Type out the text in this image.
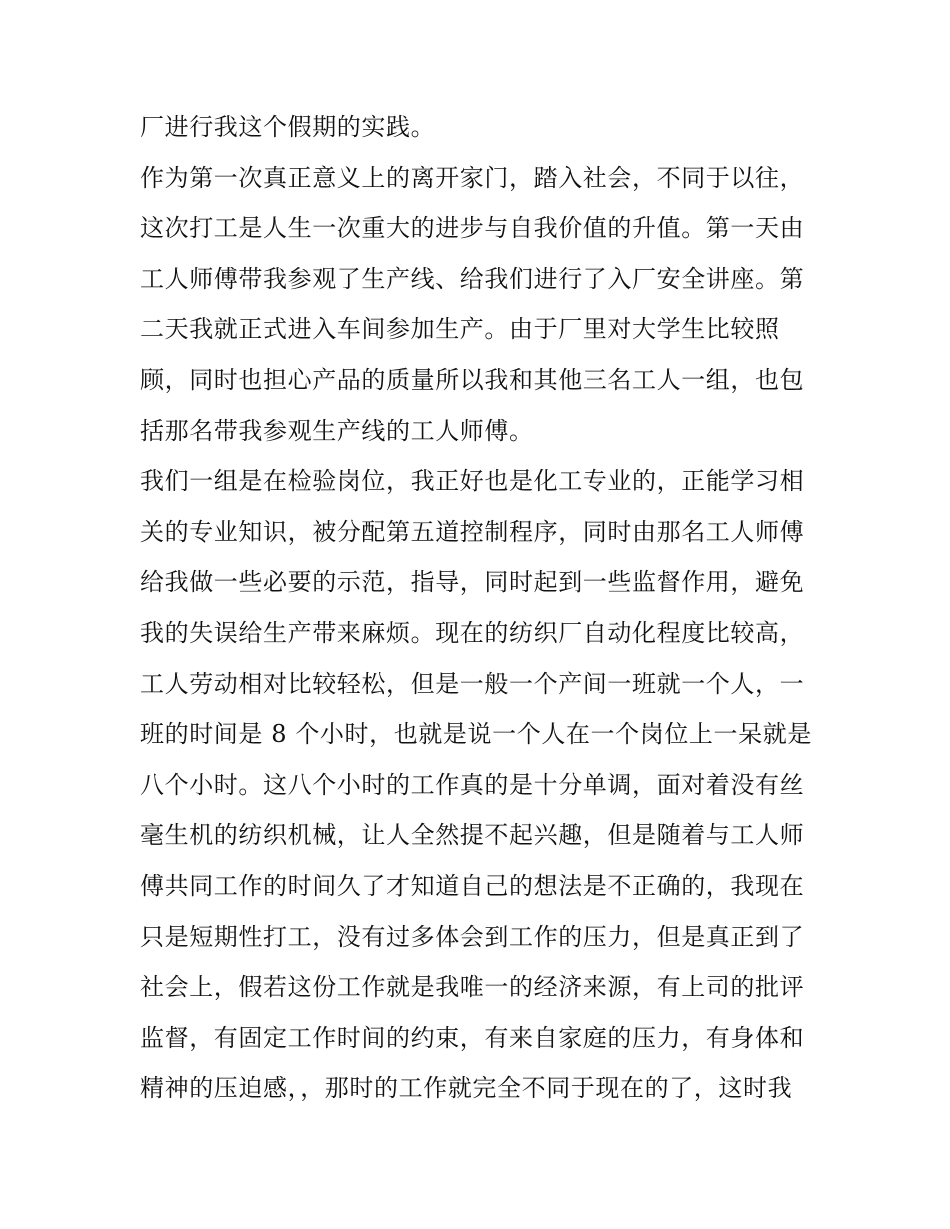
厂进行我这个假期的实践。
作为第一次真正意义上的离开家门，踏入社会，不同于以往，
这次打工是人生一次重大的进步与自我价值的升值。第一天由
工人师傅带我参观了生产线、给我们进行了入厂安全讲座。第
二天我就正式进入车间参加生产。由于厂里对大学生比较照
顾，同时也担心产品的质量所以我和其他三名工人一组，也包
括那名带我参观生产线的工人师傅。
我们一组是在检验岗位，我正好也是化工专业的，正能学习相
关的专业知识，被分配第五道控制程序，同时由那名工人师傅
给我做一些必要的示范，指导，同时起到一些监督作用，避免
我的失误给生产带来麻烦。现在的纺织厂自动化程度比较高，
工人劳动相对比较轻松，但是一般一个产间一班就一个人，一
班的时间是 8 个小时，也就是说一个人在一个岗位上一呆就是
八个小时。这八个小时的工作真的是十分单调，面对着没有丝
毫生机的纺织机械，让人全然提不起兴趣，但是随着与工人师
傅共同工作的时间久了才知道自己的想法是不正确的，我现在
只是短期性打工，没有过多体会到工作的压力，但是真正到了
社会上，假若这份工作就是我唯一的经济来源，有上司的批评
监督，有固定工作时间的约束，有来自家庭的压力，有身体和
精神的压迫感，，那时的工作就完全不同于现在的了，这时我
